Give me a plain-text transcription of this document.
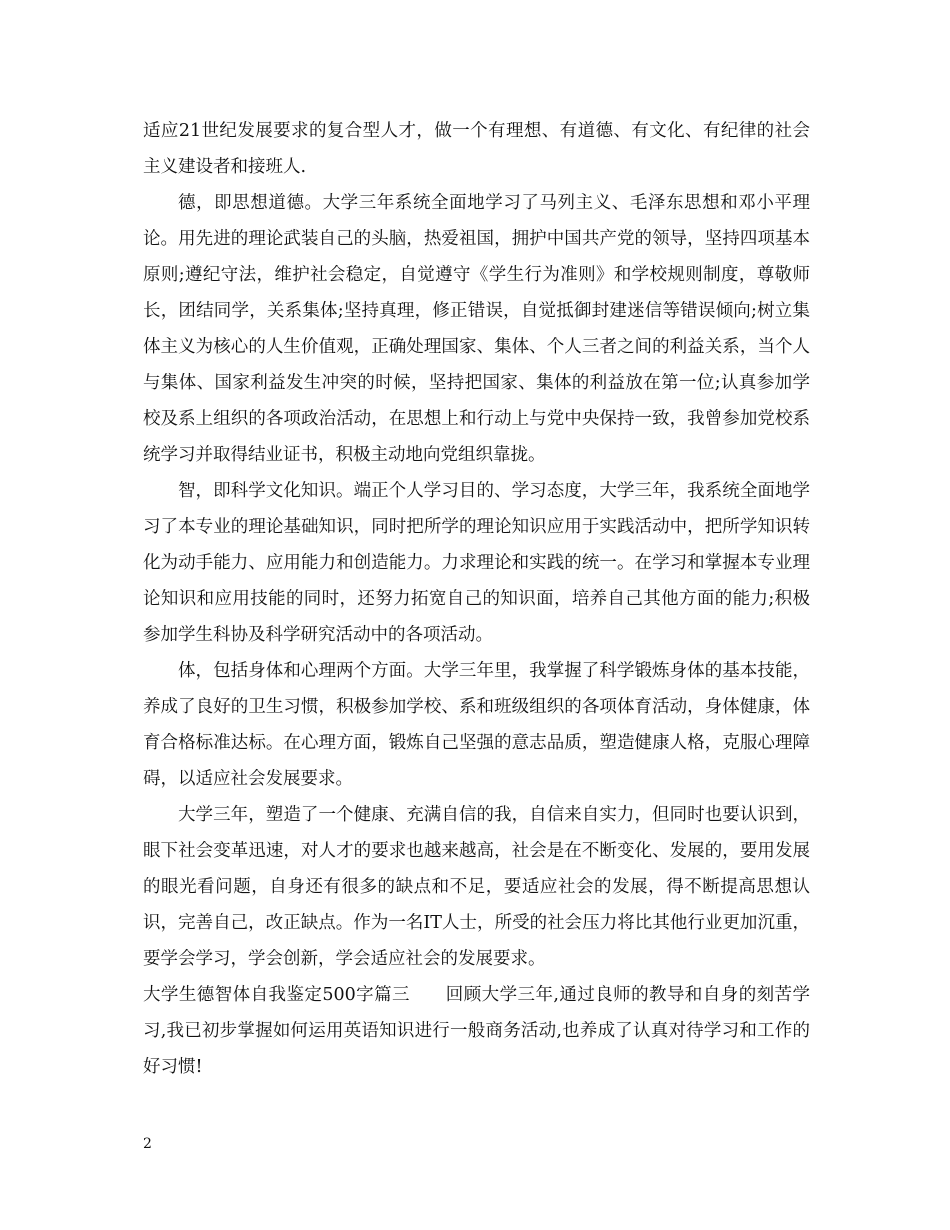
适应21世纪发展要求的复合型人才，做一个有理想、有道德、有文化、有纪律的社会主义建设者和接班人.

德，即思想道德。大学三年系统全面地学习了马列主义、毛泽东思想和邓小平理论。用先进的理论武装自己的头脑，热爱祖国，拥护中国共产党的领导，坚持四项基本原则;遵纪守法，维护社会稳定，自觉遵守《学生行为准则》和学校规则制度，尊敬师长，团结同学，关系集体;坚持真理，修正错误，自觉抵御封建迷信等错误倾向;树立集体主义为核心的人生价值观，正确处理国家、集体、个人三者之间的利益关系，当个人与集体、国家利益发生冲突的时候，坚持把国家、集体的利益放在第一位;认真参加学校及系上组织的各项政治活动，在思想上和行动上与党中央保持一致，我曾参加党校系统学习并取得结业证书，积极主动地向党组织靠拢。

智，即科学文化知识。端正个人学习目的、学习态度，大学三年，我系统全面地学习了本专业的理论基础知识，同时把所学的理论知识应用于实践活动中，把所学知识转化为动手能力、应用能力和创造能力。力求理论和实践的统一。在学习和掌握本专业理论知识和应用技能的同时，还努力拓宽自己的知识面，培养自己其他方面的能力;积极参加学生科协及科学研究活动中的各项活动。

体，包括身体和心理两个方面。大学三年里，我掌握了科学锻炼身体的基本技能，养成了良好的卫生习惯，积极参加学校、系和班级组织的各项体育活动，身体健康，体育合格标准达标。在心理方面，锻炼自己坚强的意志品质，塑造健康人格，克服心理障碍，以适应社会发展要求。

大学三年，塑造了一个健康、充满自信的我，自信来自实力，但同时也要认识到，眼下社会变革迅速，对人才的要求也越来越高，社会是在不断变化、发展的，要用发展的眼光看问题，自身还有很多的缺点和不足，要适应社会的发展，得不断提高思想认识，完善自己，改正缺点。作为一名IT人士，所受的社会压力将比其他行业更加沉重，要学会学习，学会创新，学会适应社会的发展要求。

大学生德智体自我鉴定500字篇三　　回顾大学三年,通过良师的教导和自身的刻苦学习,我已初步掌握如何运用英语知识进行一般商务活动,也养成了认真对待学习和工作的好习惯!

2
